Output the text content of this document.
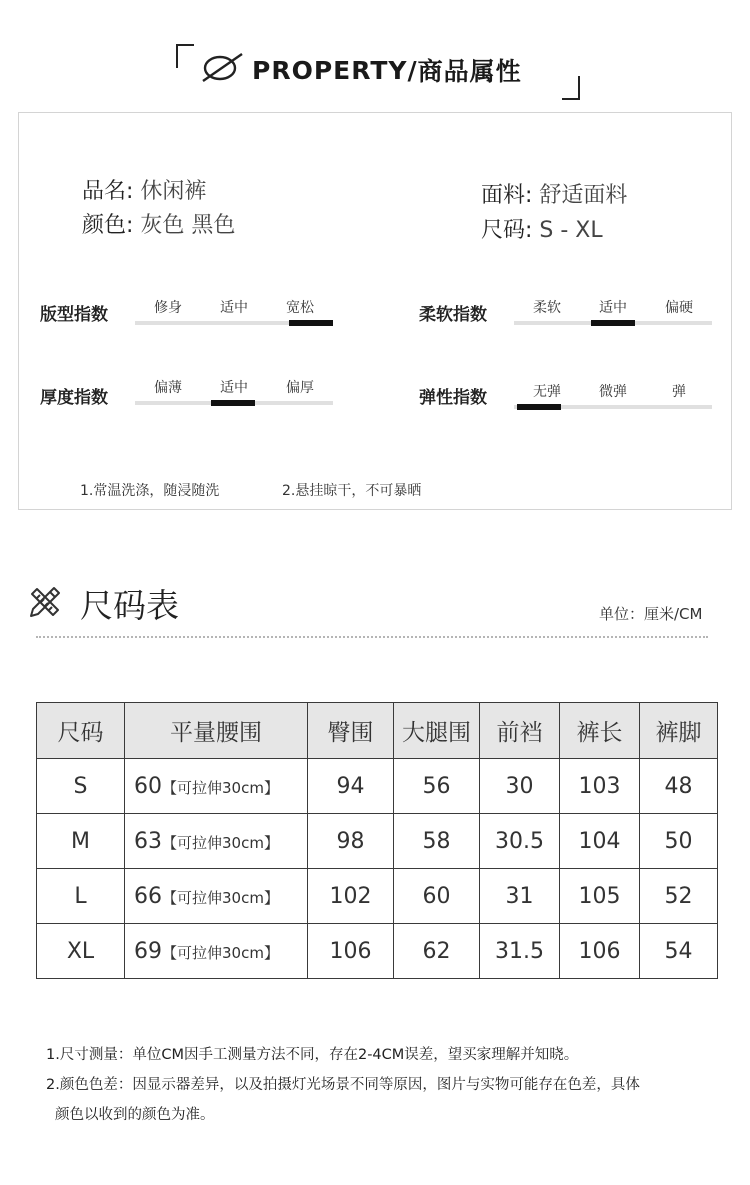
PROPERTY / 商品属性
品名: 休闲裤
颜色: 灰色 黑色
面料: 舒适面料
尺码: S - XL
版型指数	修身	适中	宽松	柔软指数	柔软	适中	偏硬
厚度指数	偏薄	适中	偏厚	弹性指数	无弹	微弹	弹
1.常温洗涤，随浸随洗	2.悬挂晾干，不可暴晒
尺码表	单位：厘米/CM
尺码	平量腰围	臀围	大腿围	前裆	裤长	裤脚
S	60【可拉伸30cm】	94	56	30	103	48
M	63【可拉伸30cm】	98	58	30.5	104	50
L	66【可拉伸30cm】	102	60	31	105	52
XL	69【可拉伸30cm】	106	62	31.5	106	54

1.尺寸测量：单位CM因手工测量方法不同，存在2-4CM误差，望买家理解并知晓。

2.颜色色差：因显示器差异，以及拍摄灯光场景不同等原因，图片与实物可能存在色差，具体

颜色以收到的颜色为准。
